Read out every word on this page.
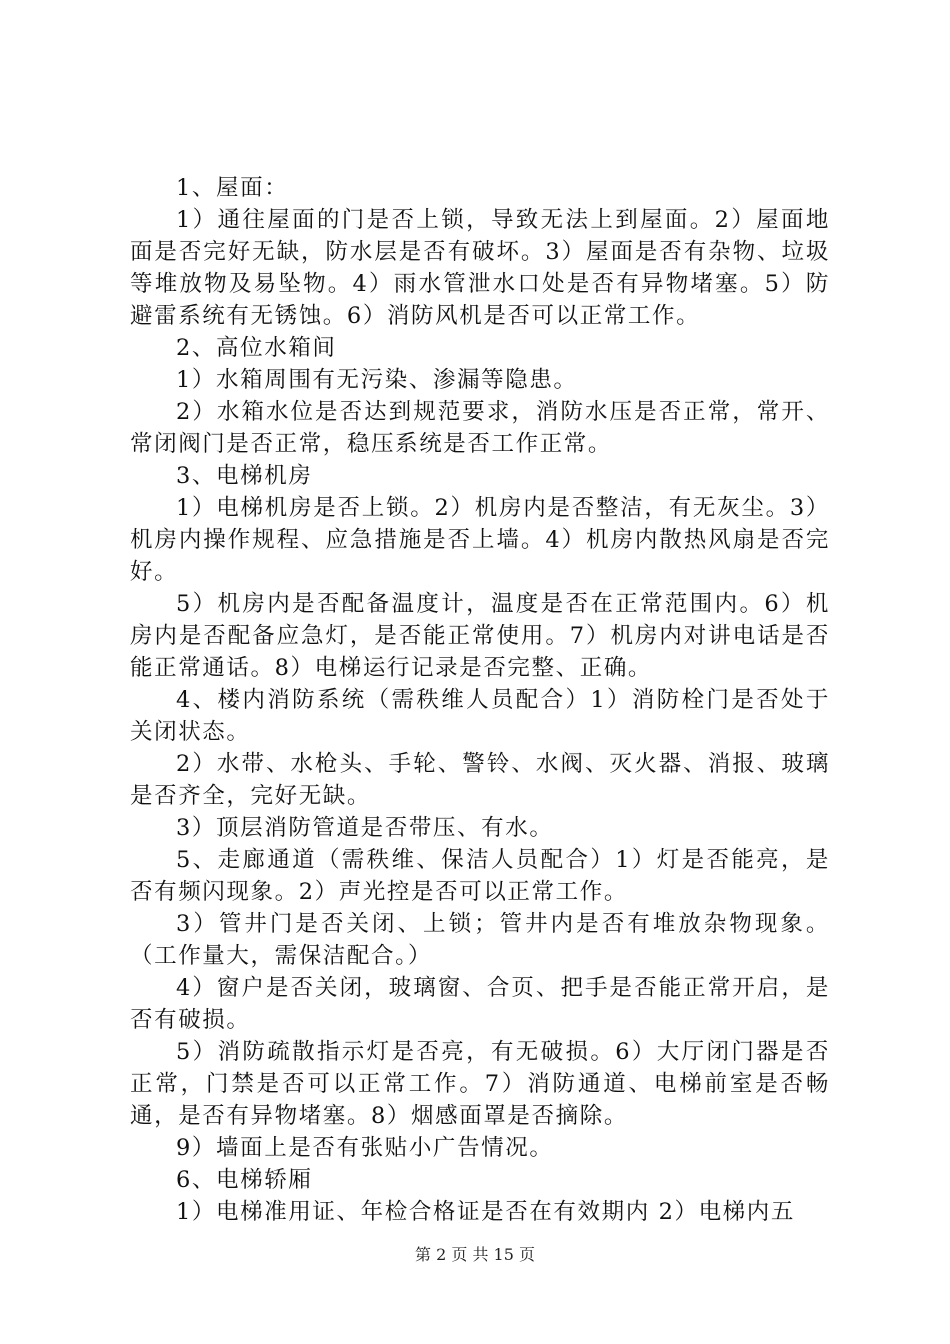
1、屋面：

1）通往屋面的门是否上锁，导致无法上到屋面。2）屋面地面是否完好无缺，防水层是否有破坏。3）屋面是否有杂物、垃圾等堆放物及易坠物。4）雨水管泄水口处是否有异物堵塞。5）防避雷系统有无锈蚀。6）消防风机是否可以正常工作。

2、高位水箱间

1）水箱周围有无污染、渗漏等隐患。

2）水箱水位是否达到规范要求，消防水压是否正常，常开、常闭阀门是否正常，稳压系统是否工作正常。

3、电梯机房

1）电梯机房是否上锁。2）机房内是否整洁，有无灰尘。3）机房内操作规程、应急措施是否上墙。4）机房内散热风扇是否完好。

5）机房内是否配备温度计，温度是否在正常范围内。6）机房内是否配备应急灯，是否能正常使用。7）机房内对讲电话是否能正常通话。8）电梯运行记录是否完整、正确。

4、楼内消防系统（需秩维人员配合）1）消防栓门是否处于关闭状态。

2）水带、水枪头、手轮、警铃、水阀、灭火器、消报、玻璃是否齐全，完好无缺。

3）顶层消防管道是否带压、有水。

5、走廊通道（需秩维、保洁人员配合）1）灯是否能亮，是否有频闪现象。2）声光控是否可以正常工作。

3）管井门是否关闭、上锁；管井内是否有堆放杂物现象。（工作量大，需保洁配合。）

4）窗户是否关闭，玻璃窗、合页、把手是否能正常开启，是否有破损。

5）消防疏散指示灯是否亮，有无破损。6）大厅闭门器是否正常，门禁是否可以正常工作。7）消防通道、电梯前室是否畅通，是否有异物堵塞。8）烟感面罩是否摘除。

9）墙面上是否有张贴小广告情况。

6、电梯轿厢

1）电梯准用证、年检合格证是否在有效期内 2）电梯内五

第 2 页 共 15 页
